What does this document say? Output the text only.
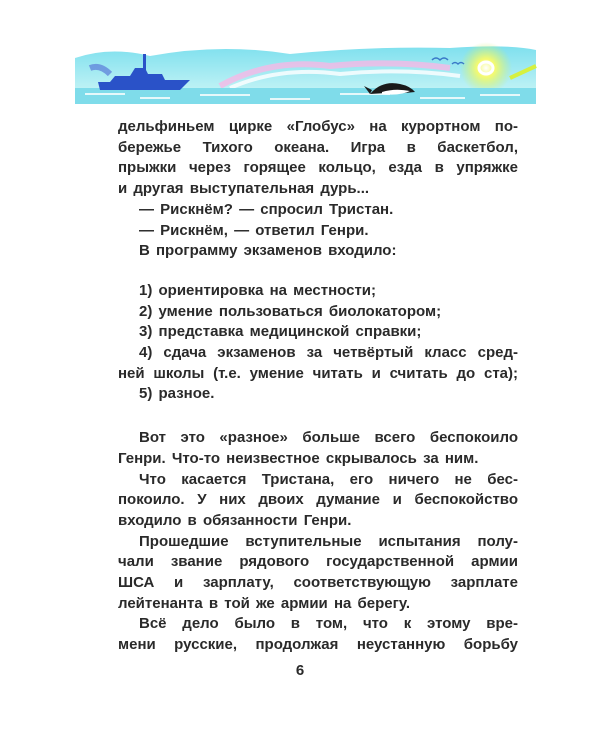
дельфиньем цирке «Глобус» на курортном по-
бережье Тихого океана. Игра в баскетбол,
прыжки через горящее кольцо, езда в упряжке
и другая выступательная дурь...
— Рискнём? — спросил Тристан.
— Рискнём, — ответил Генри.
В программу экзаменов входило:
1) ориентировка на местности;
2) умение пользоваться биолокатором;
3) представка медицинской справки;
4) сдача экзаменов за четвёртый класс сред-
ней школы (т.е. умение читать и считать до ста);
5) разное.
Вот это «разное» больше всего беспокоило
Генри. Что-то неизвестное скрывалось за ним.
Что касается Тристана, его ничего не бес-
покоило. У них двоих думание и беспокойство
входило в обязанности Генри.
Прошедшие вступительные испытания полу-
чали звание рядового государственной армии
ШСА и зарплату, соответствующую зарплате
лейтенанта в той же армии на берегу.
Всё дело было в том, что к этому вре-
мени русские, продолжая неустанную борьбу
6
